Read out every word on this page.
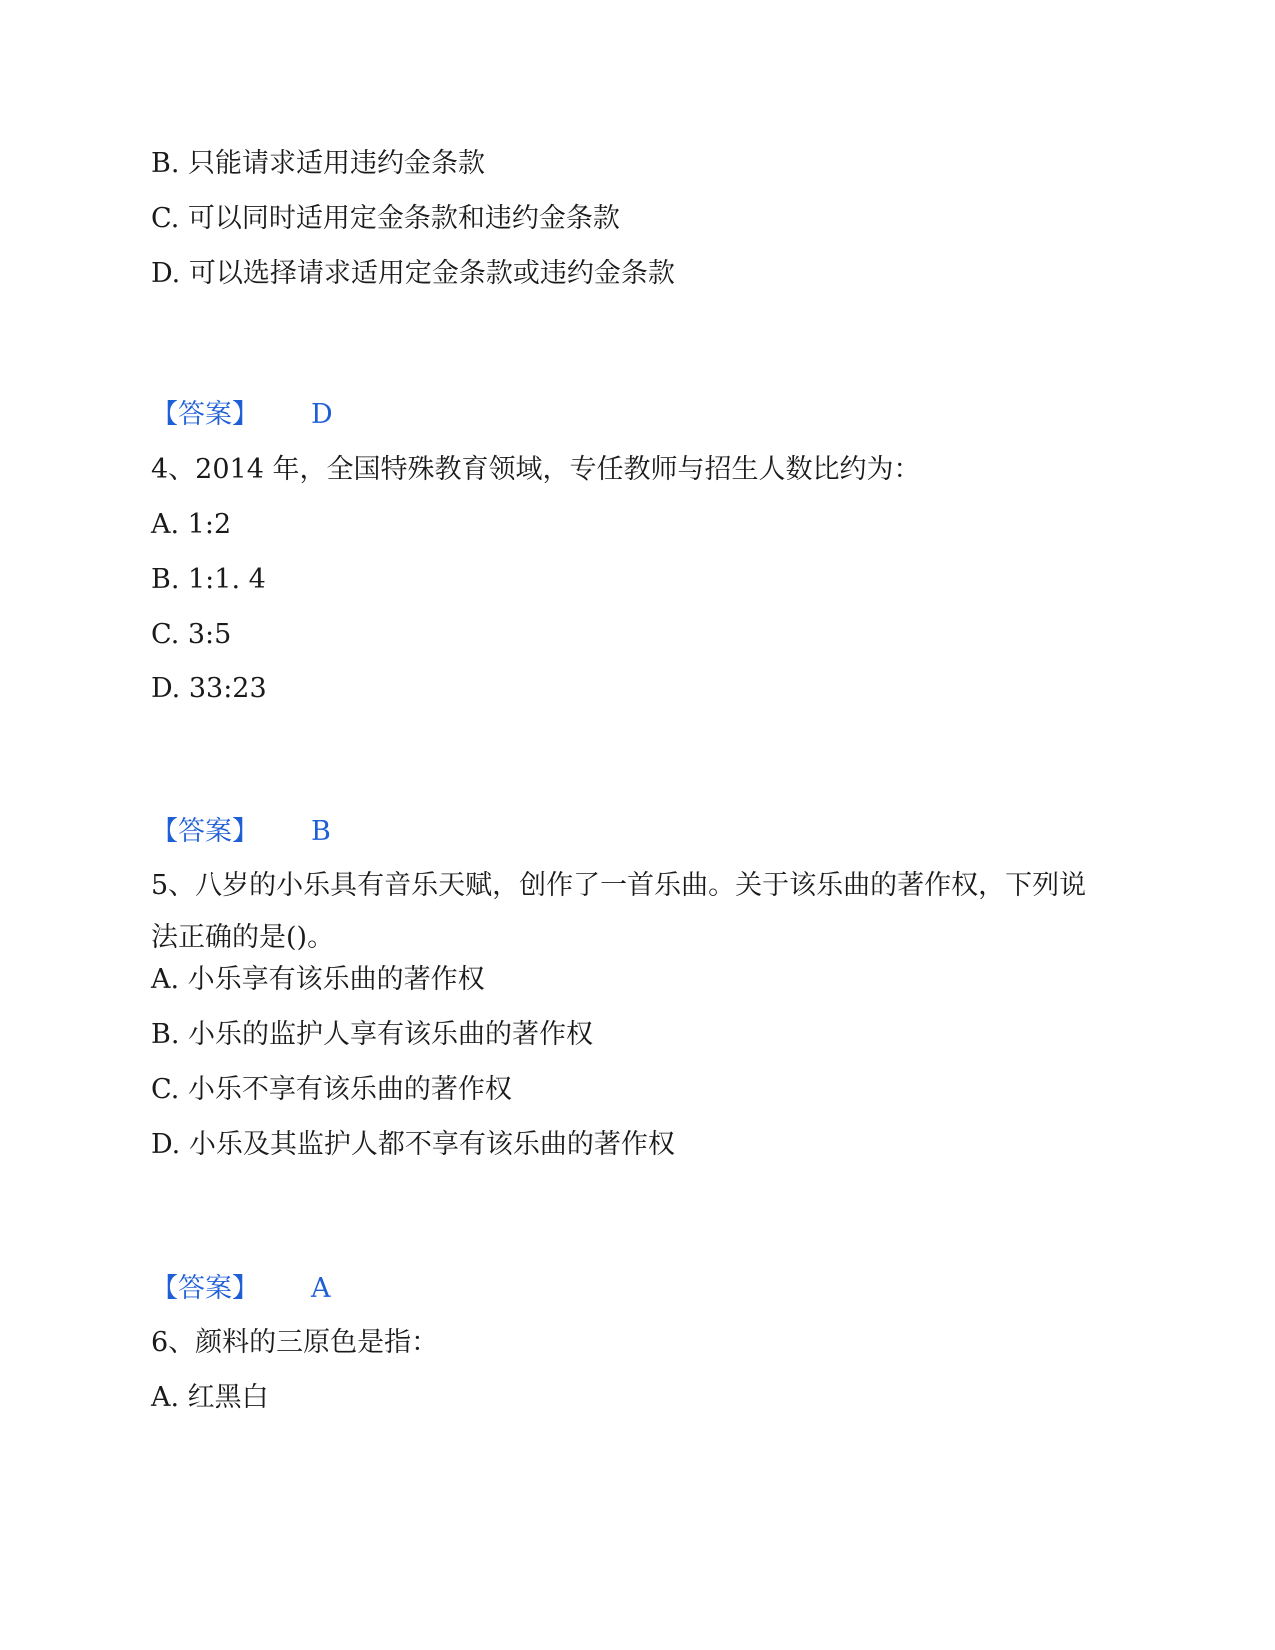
B. 只能请求适用违约金条款
C. 可以同时适用定金条款和违约金条款
D. 可以选择请求适用定金条款或违约金条款
【答案】 D
4、2014 年，全国特殊教育领域，专任教师与招生人数比约为：
A. 1:2
B. 1:1. 4
C. 3:5
D. 33:23
【答案】 B
5、八岁的小乐具有音乐天赋，创作了一首乐曲。关于该乐曲的著作权，下列说法正确的是()。
A. 小乐享有该乐曲的著作权
B. 小乐的监护人享有该乐曲的著作权
C. 小乐不享有该乐曲的著作权
D. 小乐及其监护人都不享有该乐曲的著作权
【答案】 A
6、颜料的三原色是指：
A. 红黑白
